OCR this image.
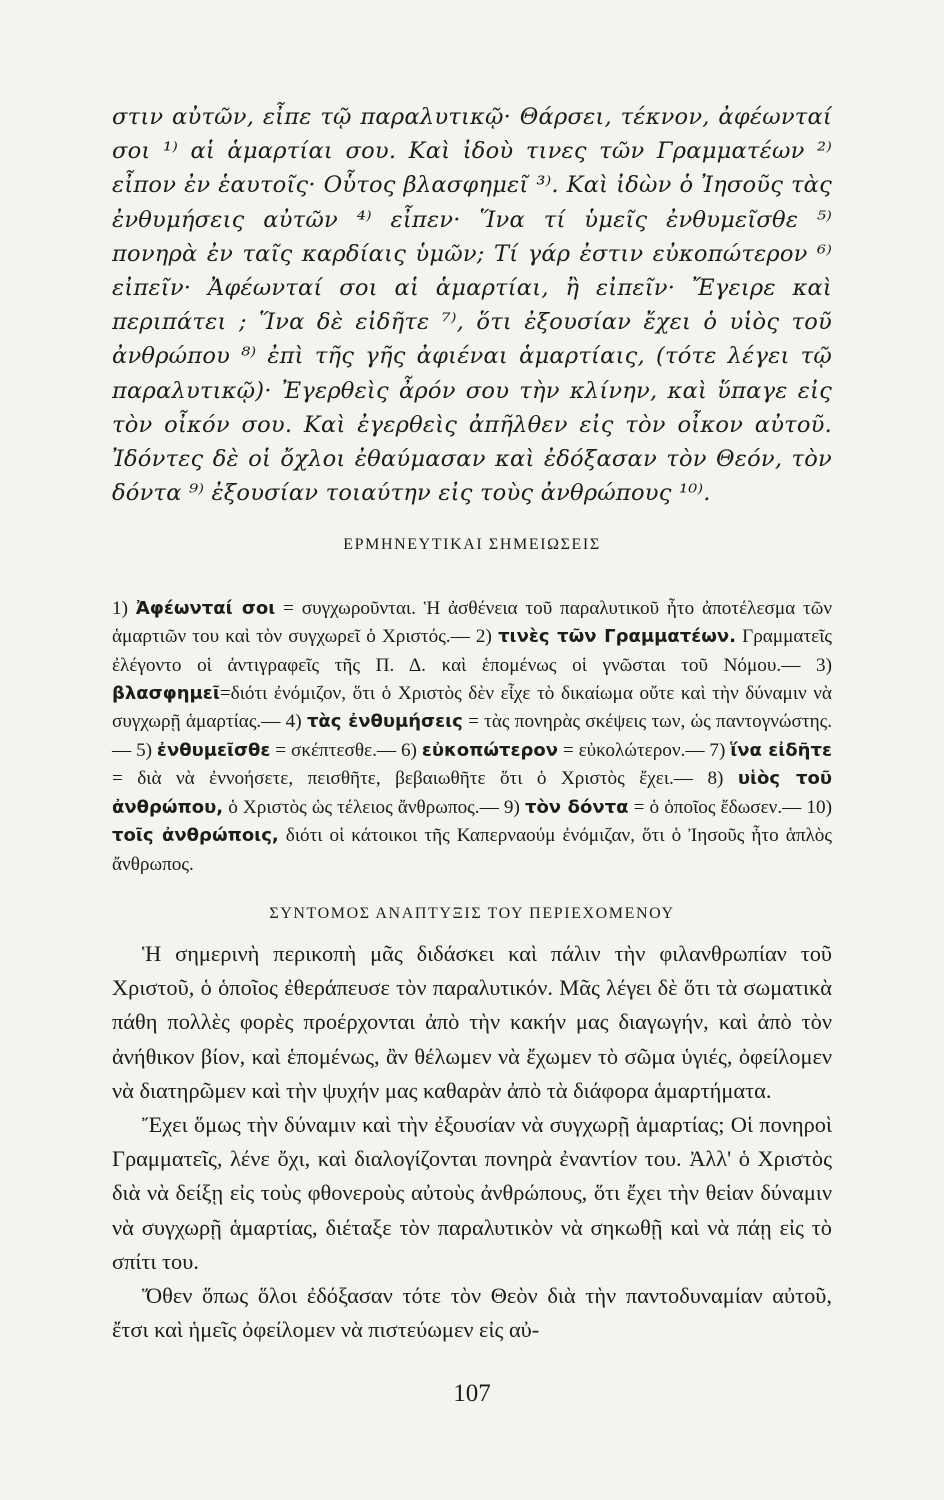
στιν αὐτῶν, εἶπε τῷ παραλυτικῷ· Θάρσει, τέκνον, ἀφέωνταί σοι ¹⁾ αἱ ἁμαρτίαι σου. Καὶ ἰδοὺ τινες τῶν Γραμματέων ²⁾ εἶπον ἐν ἑαυτοῖς· Οὗτος βλασφημεῖ ³⁾. Καὶ ἰδὼν ὁ Ἰησοῦς τὰς ἐνθυμήσεις αὐτῶν ⁴⁾ εἶπεν· Ἵνα τί ὑμεῖς ἐνθυμεῖσθε ⁵⁾ πονηρὰ ἐν ταῖς καρδίαις ὑμῶν; Τί γάρ ἐστιν εὐκοπώτερον ⁶⁾ εἰπεῖν· Ἀφέωνταί σοι αἱ ἁμαρτίαι, ἢ εἰπεῖν· Ἔγειρε καὶ περιπάτει ; Ἵνα δὲ εἰδῆτε ⁷⁾, ὅτι ἐξουσίαν ἔχει ὁ υἱὸς τοῦ ἀνθρώπου ⁸⁾ ἐπὶ τῆς γῆς ἀφιέναι ἁμαρτίαις, (τότε λέγει τῷ παραλυτικῷ)· Ἐγερθεὶς ἆρόν σου τὴν κλίνην, καὶ ὕπαγε εἰς τὸν οἶκόν σου. Καὶ ἐγερθεὶς ἀπῆλθεν εἰς τὸν οἶκον αὐτοῦ. Ἰδόντες δὲ οἱ ὄχλοι ἐθαύμασαν καὶ ἐδόξασαν τὸν Θεόν, τὸν δόντα ⁹⁾ ἐξουσίαν τοιαύτην εἰς τοὺς ἀνθρώπους ¹⁰⁾.

ΕΡΜΗΝΕΥΤΙΚΑΙ ΣΗΜΕΙΩΣΕΙΣ

1) Ἀφέωνταί σοι = συγχωροῦνται. Ἡ ἀσθένεια τοῦ παραλυτικοῦ ἦτο ἀποτέλεσμα τῶν ἁμαρτιῶν του καὶ τὸν συγχωρεῖ ὁ Χριστός.— 2) τινὲς τῶν Γραμματέων. Γραμματεῖς ἐλέγοντο οἱ ἀντιγραφεῖς τῆς Π. Δ. καὶ ἑπομένως οἱ γνῶσται τοῦ Νόμου.— 3) βλασφημεῖ=διότι ἐνόμιζον, ὅτι ὁ Χριστὸς δὲν εἶχε τὸ δικαίωμα οὔτε καὶ τὴν δύναμιν νὰ συγχωρῇ ἁμαρτίας.— 4) τὰς ἐνθυμήσεις = τὰς πονηρὰς σκέψεις των, ὡς παντογνώστης.— 5) ἐνθυμεῖσθε = σκέπτεσθε.— 6) εὐκοπώτερον = εὐκολώτερον.— 7) ἵνα εἰδῆτε = διὰ νὰ ἐννοήσετε, πεισθῆτε, βεβαιωθῆτε ὅτι ὁ Χριστὸς ἔχει.— 8) υἱὸς τοῦ ἀνθρώπου, ὁ Χριστὸς ὡς τέλειος ἄνθρωπος.— 9) τὸν δόντα = ὁ ὁποῖος ἔδωσεν.— 10) τοῖς ἀνθρώποις, διότι οἱ κάτοικοι τῆς Καπερναούμ ἐνόμιζαν, ὅτι ὁ Ἰησοῦς ἦτο ἁπλὸς ἄνθρωπος.

ΣΥΝΤΟΜΟΣ ΑΝΑΠΤΥΞΙΣ ΤΟΥ ΠΕΡΙΕΧΟΜΕΝΟΥ

Ἡ σημερινὴ περικοπὴ μᾶς διδάσκει καὶ πάλιν τὴν φιλανθρωπίαν τοῦ Χριστοῦ, ὁ ὁποῖος ἐθεράπευσε τὸν παραλυτικόν. Μᾶς λέγει δὲ ὅτι τὰ σωματικὰ πάθη πολλὲς φορὲς προέρχονται ἀπὸ τὴν κακήν μας διαγωγήν, καὶ ἀπὸ τὸν ἀνήθικον βίον, καὶ ἑπομένως, ἂν θέλωμεν νὰ ἔχωμεν τὸ σῶμα ὑγιές, ὀφείλομεν νὰ διατηρῶμεν καὶ τὴν ψυχήν μας καθαρὰν ἀπὸ τὰ διάφορα ἁμαρτήματα.

Ἔχει ὅμως τὴν δύναμιν καὶ τὴν ἐξουσίαν νὰ συγχωρῇ ἁμαρτίας; Οἱ πονηροὶ Γραμματεῖς, λένε ὄχι, καὶ διαλογίζονται πονηρὰ ἐναντίον του. Ἀλλ' ὁ Χριστὸς διὰ νὰ δείξῃ εἰς τοὺς φθονεροὺς αὐτοὺς ἀνθρώπους, ὅτι ἔχει τὴν θεἱαν δύναμιν νὰ συγχωρῇ ἁμαρτίας, διέταξε τὸν παραλυτικὸν νὰ σηκωθῇ καὶ νὰ πάῃ εἰς τὸ σπίτι του.

Ὅθεν ὅπως ὅλοι ἐδόξασαν τότε τὸν Θεὸν διὰ τὴν παντοδυναμίαν αὐτοῦ, ἔτσι καὶ ἡμεῖς ὀφείλομεν νὰ πιστεύωμεν εἰς αὐ-

107
